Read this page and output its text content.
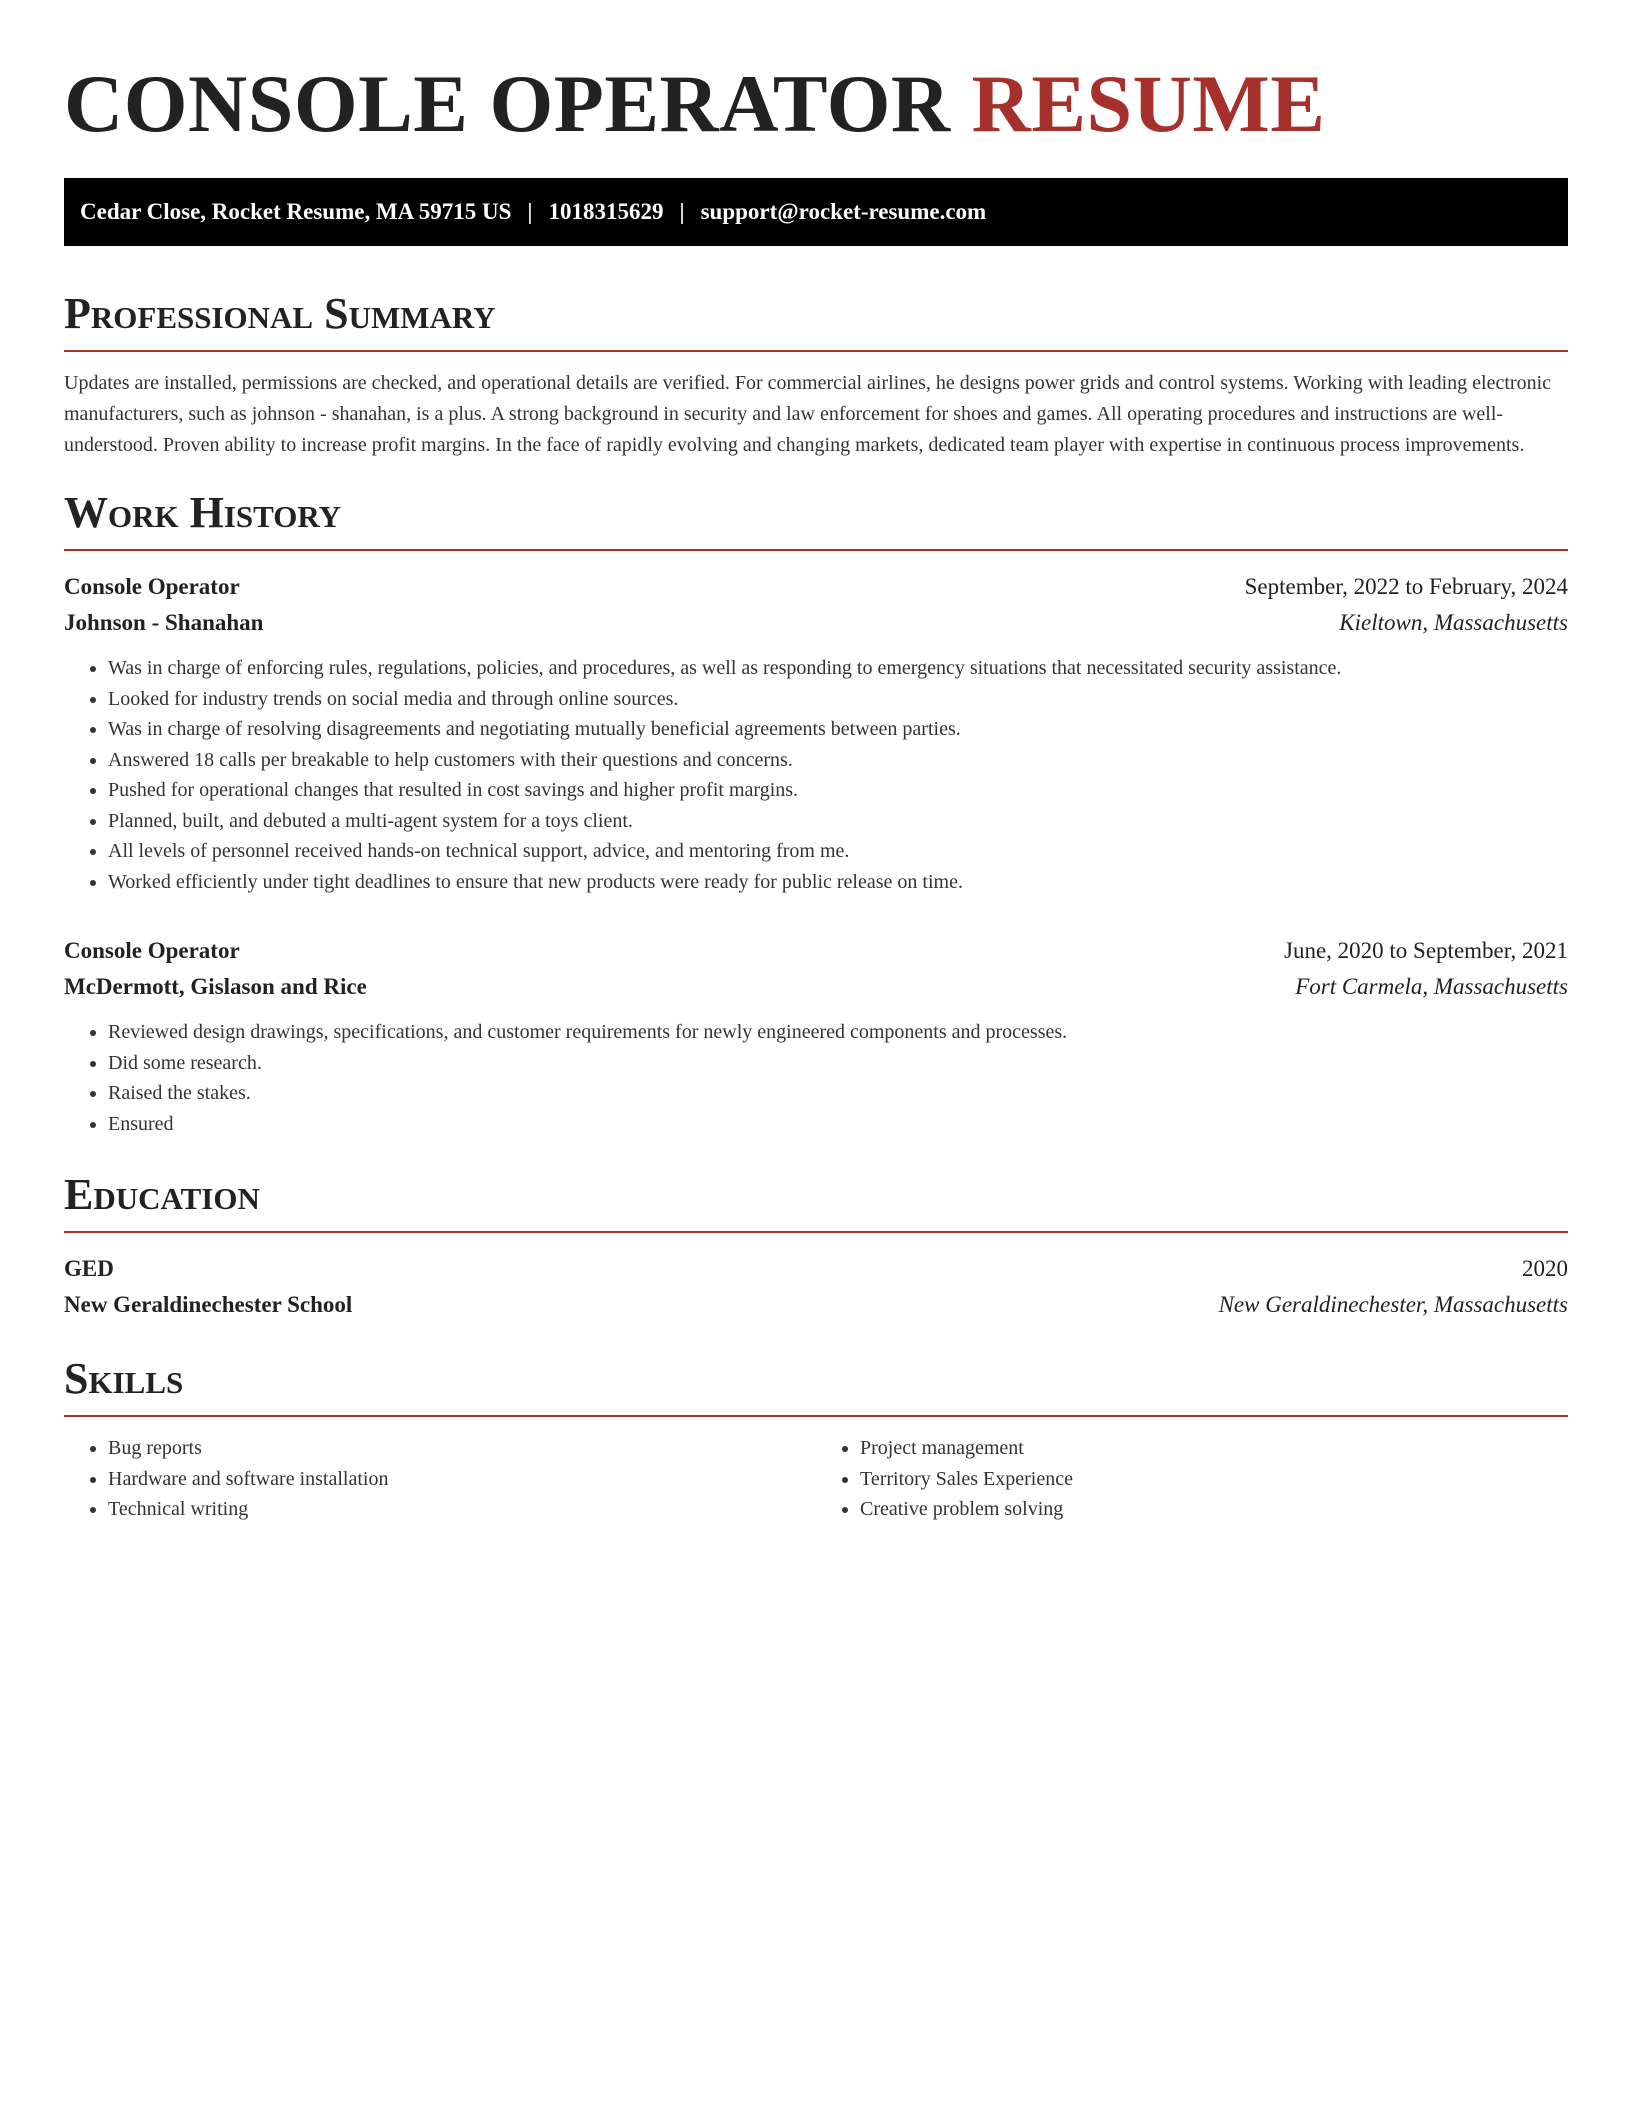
CONSOLE OPERATOR RESUME
Cedar Close, Rocket Resume, MA 59715 US | 1018315629 | support@rocket-resume.com
Professional Summary

Updates are installed, permissions are checked, and operational details are verified. For commercial airlines, he designs power grids and control systems. Working with leading electronic manufacturers, such as johnson - shanahan, is a plus. A strong background in security and law enforcement for shoes and games. All operating procedures and instructions are well-understood. Proven ability to increase profit margins. In the face of rapidly evolving and changing markets, dedicated team player with expertise in continuous process improvements.

Work History
Console Operator	September, 2022 to February, 2024
Johnson - Shanahan	Kieltown, Massachusetts
• Was in charge of enforcing rules, regulations, policies, and procedures, as well as responding to emergency situations that necessitated security assistance.
• Looked for industry trends on social media and through online sources.
• Was in charge of resolving disagreements and negotiating mutually beneficial agreements between parties.
• Answered 18 calls per breakable to help customers with their questions and concerns.
• Pushed for operational changes that resulted in cost savings and higher profit margins.
• Planned, built, and debuted a multi-agent system for a toys client.
• All levels of personnel received hands-on technical support, advice, and mentoring from me.
• Worked efficiently under tight deadlines to ensure that new products were ready for public release on time.
Console Operator	June, 2020 to September, 2021
McDermott, Gislason and Rice	Fort Carmela, Massachusetts
• Reviewed design drawings, specifications, and customer requirements for newly engineered components and processes.
• Did some research.
• Raised the stakes.
• Ensured
Education
GED	2020
New Geraldinechester School	New Geraldinechester, Massachusetts
Skills
• Bug reports
• Hardware and software installation
• Technical writing
• Project management
• Territory Sales Experience
• Creative problem solving
